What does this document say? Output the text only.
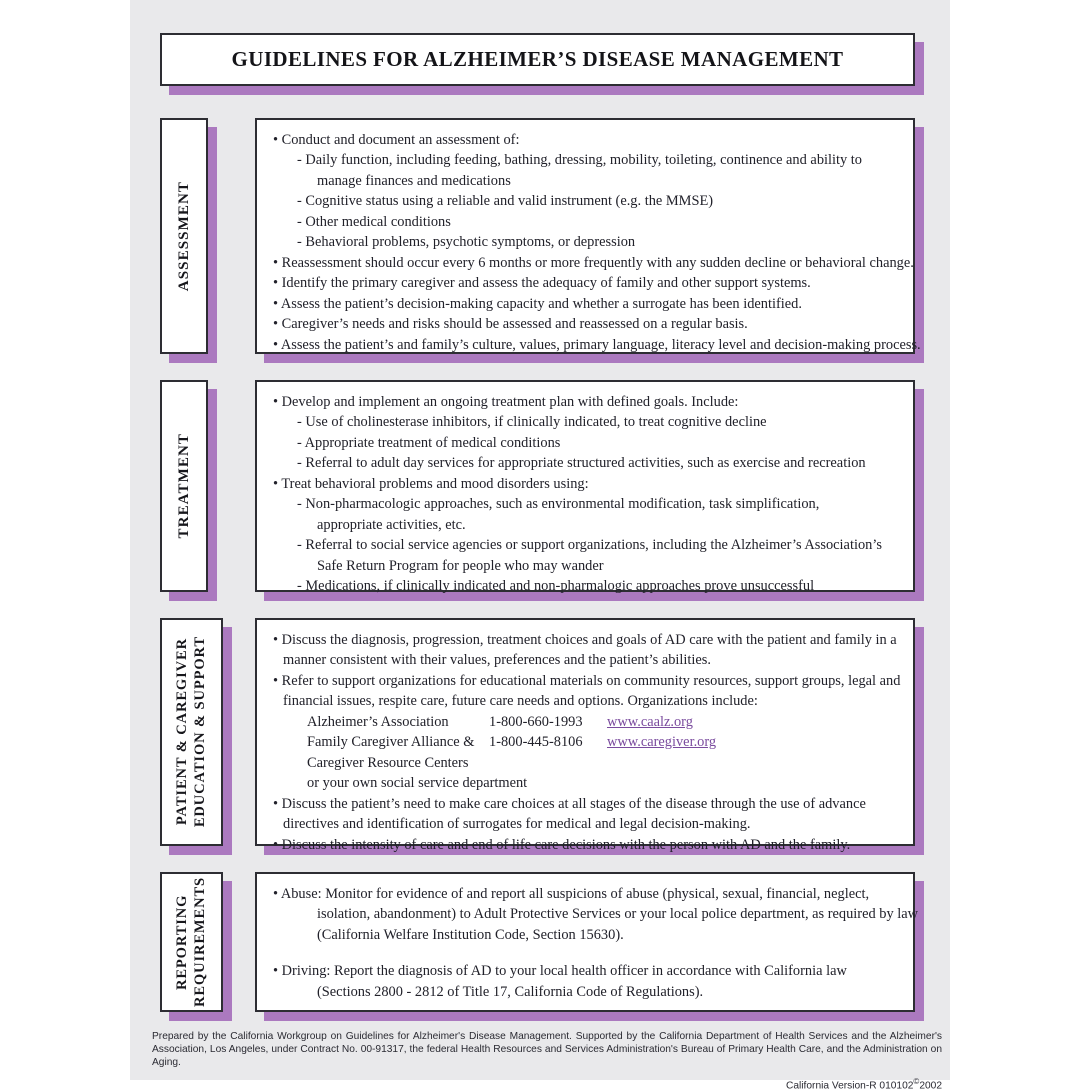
GUIDELINES FOR ALZHEIMER’S DISEASE MANAGEMENT
ASSESSMENT
• Conduct and document an assessment of:
- Daily function, including feeding, bathing, dressing, mobility, toileting, continence and ability to
manage finances and medications
- Cognitive status using a reliable and valid instrument (e.g. the MMSE)
- Other medical conditions
- Behavioral problems, psychotic symptoms, or depression
• Reassessment should occur every 6 months or more frequently with any sudden decline or behavioral change.
• Identify the primary caregiver and assess the adequacy of family and other support systems.
• Assess the patient’s decision-making capacity and whether a surrogate has been identified.
• Caregiver’s needs and risks should be assessed and reassessed on a regular basis.
• Assess the patient’s and family’s culture, values, primary language, literacy level and decision-making process.
TREATMENT
• Develop and implement an ongoing treatment plan with defined goals. Include:
- Use of cholinesterase inhibitors, if clinically indicated, to treat cognitive decline
- Appropriate treatment of medical conditions
- Referral to adult day services for appropriate structured activities, such as exercise and recreation
• Treat behavioral problems and mood disorders using:
- Non-pharmacologic approaches, such as environmental modification, task simplification,
appropriate activities, etc.
- Referral to social service agencies or support organizations, including the Alzheimer’s Association’s
Safe Return Program for people who may wander
- Medications, if clinically indicated and non-pharmalogic approaches prove unsuccessful
PATIENT & CAREGIVER EDUCATION & SUPPORT	• Discuss the diagnosis, progression, treatment choices and goals of AD care with the patient and family in a
manner consistent with their values, preferences and the patient’s abilities.
• Refer to support organizations for educational materials on community resources, support groups, legal and
financial issues, respite care, future care needs and options. Organizations include:
Alzheimer’s Association	1-800-660-1993	www.caalz.org
Family Caregiver Alliance &	1-800-445-8106	www.caregiver.org
Caregiver Resource Centers
or your own social service department
• Discuss the patient’s need to make care choices at all stages of the disease through the use of advance
directives and identification of surrogates for medical and legal decision-making.
• Discuss the intensity of care and end of life care decisions with the person with AD and the family.
REPORTING REQUIREMENTS	• Abuse: Monitor for evidence of and report all suspicions of abuse (physical, sexual, financial, neglect,
isolation, abandonment) to Adult Protective Services or your local police department, as required by law
(California Welfare Institution Code, Section 15630).
• Driving: Report the diagnosis of AD to your local health officer in accordance with California law
(Sections 2800 - 2812 of Title 17, California Code of Regulations).
Prepared by the California Workgroup on Guidelines for Alzheimer's Disease Management. Supported by the California Department of Health Services and the Alzheimer's
Association, Los Angeles, under Contract No. 00-91317, the federal Health Resources and Services Administration's Bureau of Primary Health Care, and the Administration on Aging.
California Version-R 010102©2002
